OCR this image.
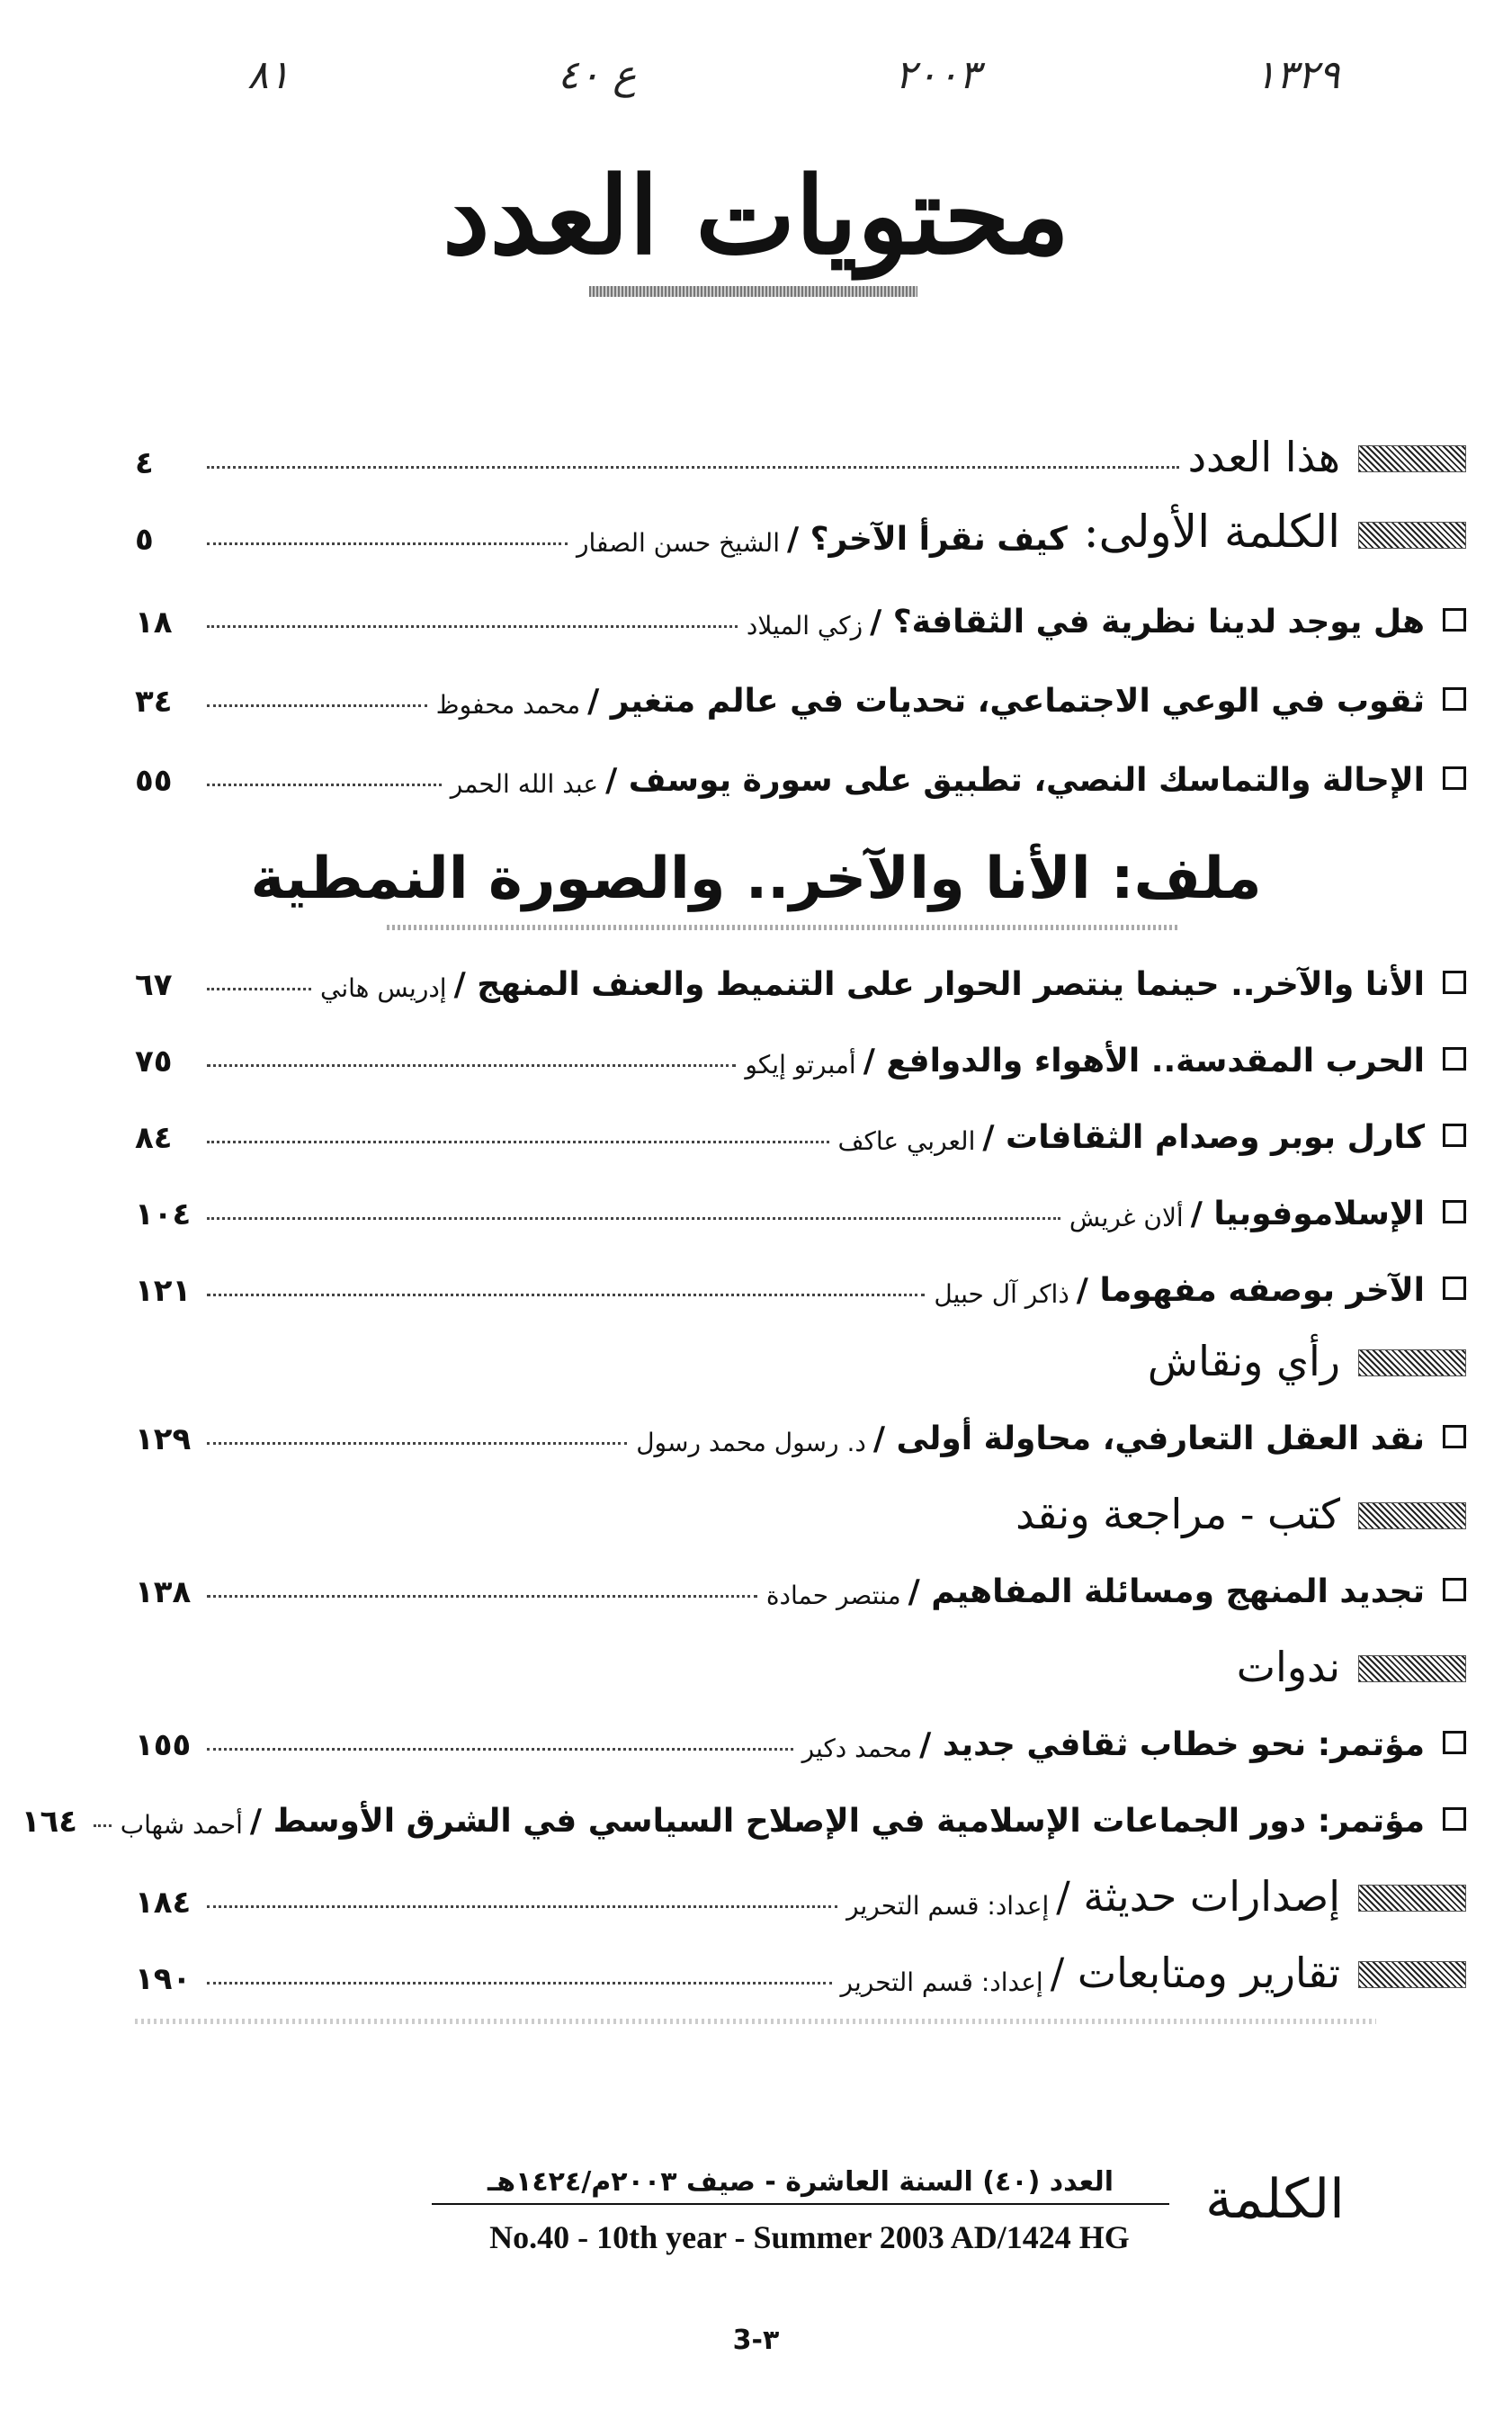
٨١	ع ٤٠	٢٠٠٣	١٣٢٩
محتويات العدد
هذا العدد
٤
الكلمة الأولى:
كيف نقرأ الآخر؟ /
الشيخ حسن الصفار
٥
هل يوجد لدينا نظرية في الثقافة؟ /
زكي الميلاد
١٨
ثقوب في الوعي الاجتماعي، تحديات في عالم متغير /
محمد محفوظ
٣٤
الإحالة والتماسك النصي، تطبيق على سورة يوسف /
عبد الله الحمر
٥٥
ملف: الأنا والآخر.. والصورة النمطية
الأنا والآخر.. حينما ينتصر الحوار على التنميط والعنف المنهج /
إدريس هاني
٦٧
الحرب المقدسة.. الأهواء والدوافع /
أمبرتو إيكو
٧٥
كارل بوبر وصدام الثقافات /
العربي عاكف
٨٤
الإسلاموفوبيا /
ألان غريش
١٠٤
الآخر بوصفه مفهوما /
ذاكر آل حبيل
١٢١
رأي ونقاش
نقد العقل التعارفي، محاولة أولى /
د. رسول محمد رسول
١٢٩
كتب - مراجعة ونقد
تجديد المنهج ومسائلة المفاهيم /
منتصر حمادة
١٣٨
ندوات
مؤتمر: نحو خطاب ثقافي جديد /
محمد دكير
١٥٥
مؤتمر: دور الجماعات الإسلامية في الإصلاح السياسي في الشرق الأوسط /
أحمد شهاب
١٦٤
إصدارات حديثة /
إعداد: قسم التحرير
١٨٤
تقارير ومتابعات /
إعداد: قسم التحرير
١٩٠
الكلمة
العدد (٤٠) السنة العاشرة - صيف ٢٠٠٣م/١٤٢٤هـ
No.40 - 10th year - Summer 2003 AD/1424 HG
3-٣
